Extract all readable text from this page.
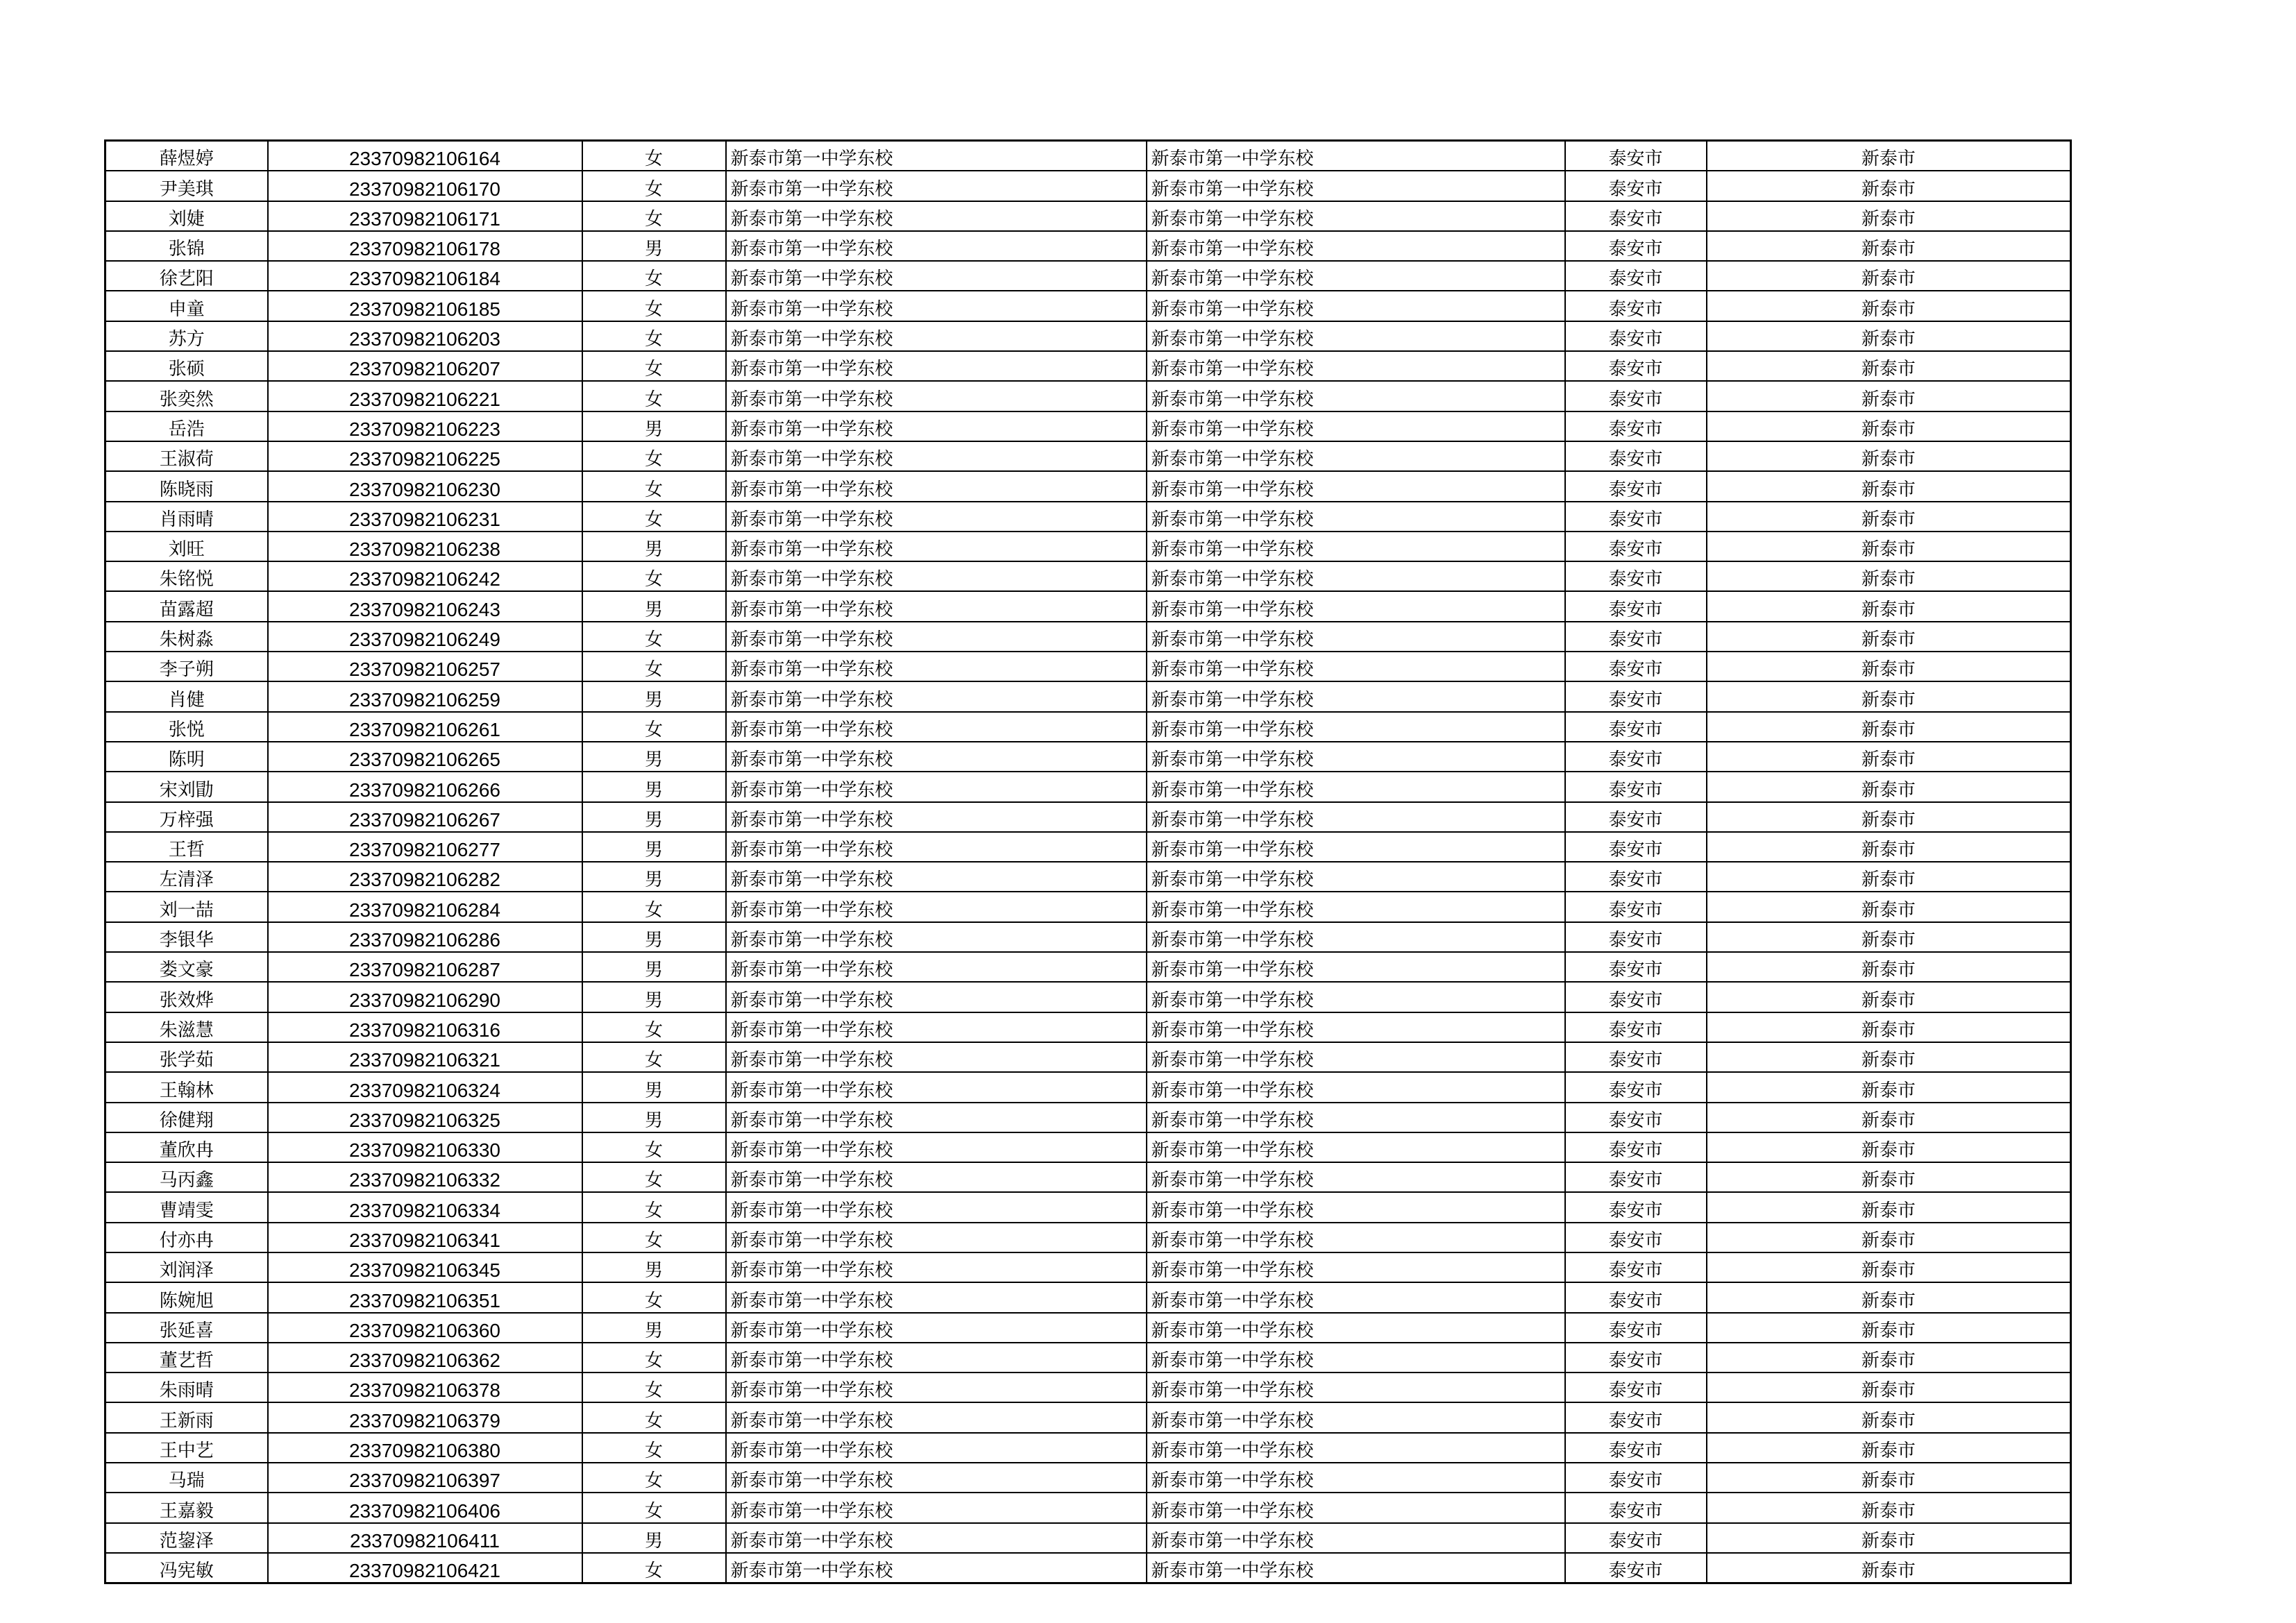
薛煜婷	23370982106164	女	新泰市第一中学东校	新泰市第一中学东校	泰安市	新泰市
尹美琪	23370982106170	女	新泰市第一中学东校	新泰市第一中学东校	泰安市	新泰市
刘婕	23370982106171	女	新泰市第一中学东校	新泰市第一中学东校	泰安市	新泰市
张锦	23370982106178	男	新泰市第一中学东校	新泰市第一中学东校	泰安市	新泰市
徐艺阳	23370982106184	女	新泰市第一中学东校	新泰市第一中学东校	泰安市	新泰市
申童	23370982106185	女	新泰市第一中学东校	新泰市第一中学东校	泰安市	新泰市
苏方	23370982106203	女	新泰市第一中学东校	新泰市第一中学东校	泰安市	新泰市
张硕	23370982106207	女	新泰市第一中学东校	新泰市第一中学东校	泰安市	新泰市
张奕然	23370982106221	女	新泰市第一中学东校	新泰市第一中学东校	泰安市	新泰市
岳浩	23370982106223	男	新泰市第一中学东校	新泰市第一中学东校	泰安市	新泰市
王淑荷	23370982106225	女	新泰市第一中学东校	新泰市第一中学东校	泰安市	新泰市
陈晓雨	23370982106230	女	新泰市第一中学东校	新泰市第一中学东校	泰安市	新泰市
肖雨晴	23370982106231	女	新泰市第一中学东校	新泰市第一中学东校	泰安市	新泰市
刘旺	23370982106238	男	新泰市第一中学东校	新泰市第一中学东校	泰安市	新泰市
朱铭悦	23370982106242	女	新泰市第一中学东校	新泰市第一中学东校	泰安市	新泰市
苗露超	23370982106243	男	新泰市第一中学东校	新泰市第一中学东校	泰安市	新泰市
朱树淼	23370982106249	女	新泰市第一中学东校	新泰市第一中学东校	泰安市	新泰市
李子朔	23370982106257	女	新泰市第一中学东校	新泰市第一中学东校	泰安市	新泰市
肖健	23370982106259	男	新泰市第一中学东校	新泰市第一中学东校	泰安市	新泰市
张悦	23370982106261	女	新泰市第一中学东校	新泰市第一中学东校	泰安市	新泰市
陈明	23370982106265	男	新泰市第一中学东校	新泰市第一中学东校	泰安市	新泰市
宋刘勖	23370982106266	男	新泰市第一中学东校	新泰市第一中学东校	泰安市	新泰市
万梓强	23370982106267	男	新泰市第一中学东校	新泰市第一中学东校	泰安市	新泰市
王哲	23370982106277	男	新泰市第一中学东校	新泰市第一中学东校	泰安市	新泰市
左清泽	23370982106282	男	新泰市第一中学东校	新泰市第一中学东校	泰安市	新泰市
刘一喆	23370982106284	女	新泰市第一中学东校	新泰市第一中学东校	泰安市	新泰市
李银华	23370982106286	男	新泰市第一中学东校	新泰市第一中学东校	泰安市	新泰市
娄文豪	23370982106287	男	新泰市第一中学东校	新泰市第一中学东校	泰安市	新泰市
张效烨	23370982106290	男	新泰市第一中学东校	新泰市第一中学东校	泰安市	新泰市
朱滋慧	23370982106316	女	新泰市第一中学东校	新泰市第一中学东校	泰安市	新泰市
张学茹	23370982106321	女	新泰市第一中学东校	新泰市第一中学东校	泰安市	新泰市
王翰林	23370982106324	男	新泰市第一中学东校	新泰市第一中学东校	泰安市	新泰市
徐健翔	23370982106325	男	新泰市第一中学东校	新泰市第一中学东校	泰安市	新泰市
董欣冉	23370982106330	女	新泰市第一中学东校	新泰市第一中学东校	泰安市	新泰市
马丙鑫	23370982106332	女	新泰市第一中学东校	新泰市第一中学东校	泰安市	新泰市
曹靖雯	23370982106334	女	新泰市第一中学东校	新泰市第一中学东校	泰安市	新泰市
付亦冉	23370982106341	女	新泰市第一中学东校	新泰市第一中学东校	泰安市	新泰市
刘润泽	23370982106345	男	新泰市第一中学东校	新泰市第一中学东校	泰安市	新泰市
陈婉旭	23370982106351	女	新泰市第一中学东校	新泰市第一中学东校	泰安市	新泰市
张延喜	23370982106360	男	新泰市第一中学东校	新泰市第一中学东校	泰安市	新泰市
董艺哲	23370982106362	女	新泰市第一中学东校	新泰市第一中学东校	泰安市	新泰市
朱雨晴	23370982106378	女	新泰市第一中学东校	新泰市第一中学东校	泰安市	新泰市
王新雨	23370982106379	女	新泰市第一中学东校	新泰市第一中学东校	泰安市	新泰市
王中艺	23370982106380	女	新泰市第一中学东校	新泰市第一中学东校	泰安市	新泰市
马瑞	23370982106397	女	新泰市第一中学东校	新泰市第一中学东校	泰安市	新泰市
王嘉毅	23370982106406	女	新泰市第一中学东校	新泰市第一中学东校	泰安市	新泰市
范鋆泽	23370982106411	男	新泰市第一中学东校	新泰市第一中学东校	泰安市	新泰市
冯宪敏	23370982106421	女	新泰市第一中学东校	新泰市第一中学东校	泰安市	新泰市
